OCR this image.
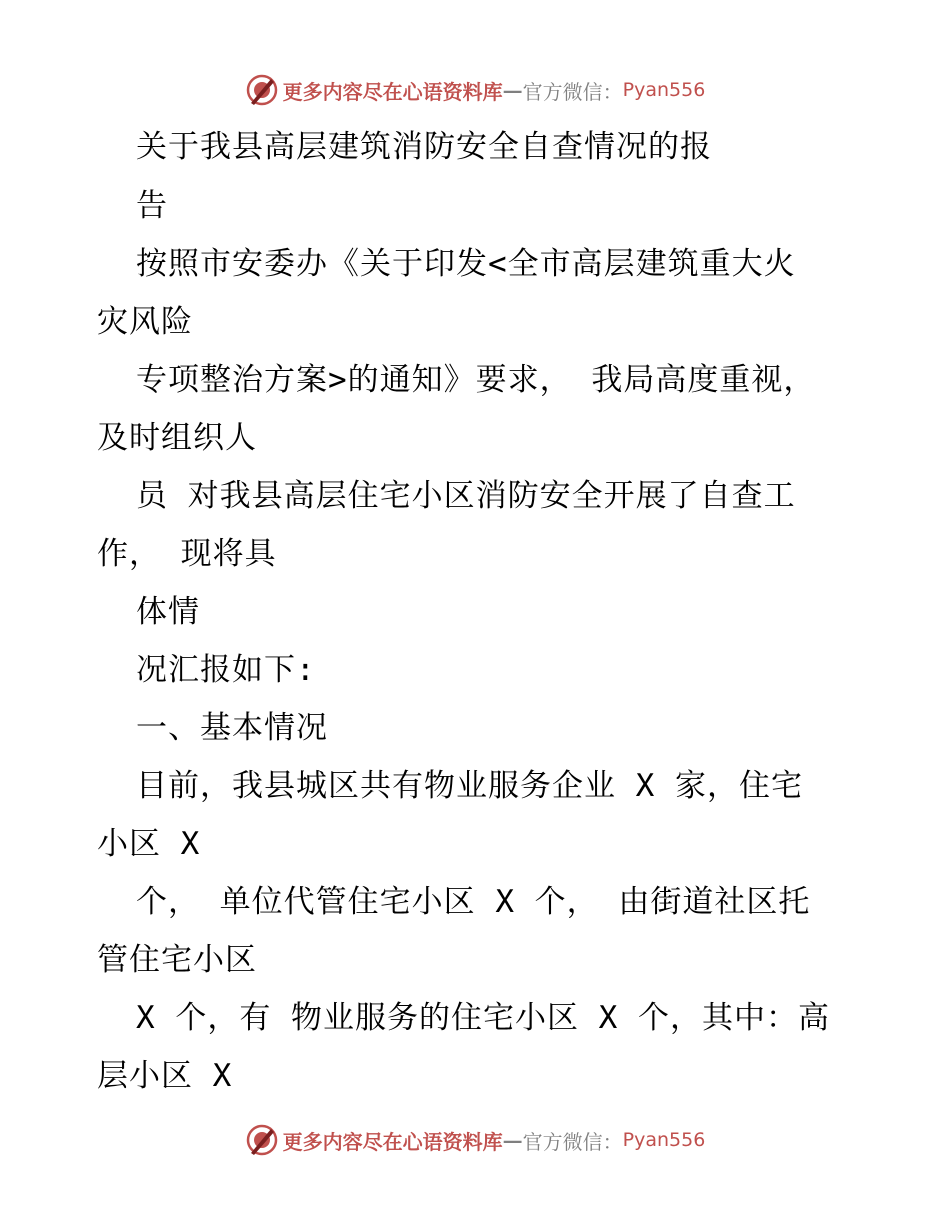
更多内容尽在心语资料库 — 官方微信： Pyan556
关于我县高层建筑消防安全自查情况的报
告
按照市安委办《关于印发<全市高层建筑重大火
灾风险
专项整治方案>的通知》要求， 我局高度重视，
及时组织人
员 对我县高层住宅小区消防安全开展了自查工
作， 现将具
体情
况汇报如下:
一、基本情况
目前，我县城区共有物业服务企业 X 家，住宅
小区 X
个， 单位代管住宅小区 X 个， 由街道社区托
管住宅小区
X 个，有 物业服务的住宅小区 X 个，其中：高
层小区 X
更多内容尽在心语资料库 — 官方微信： Pyan556
